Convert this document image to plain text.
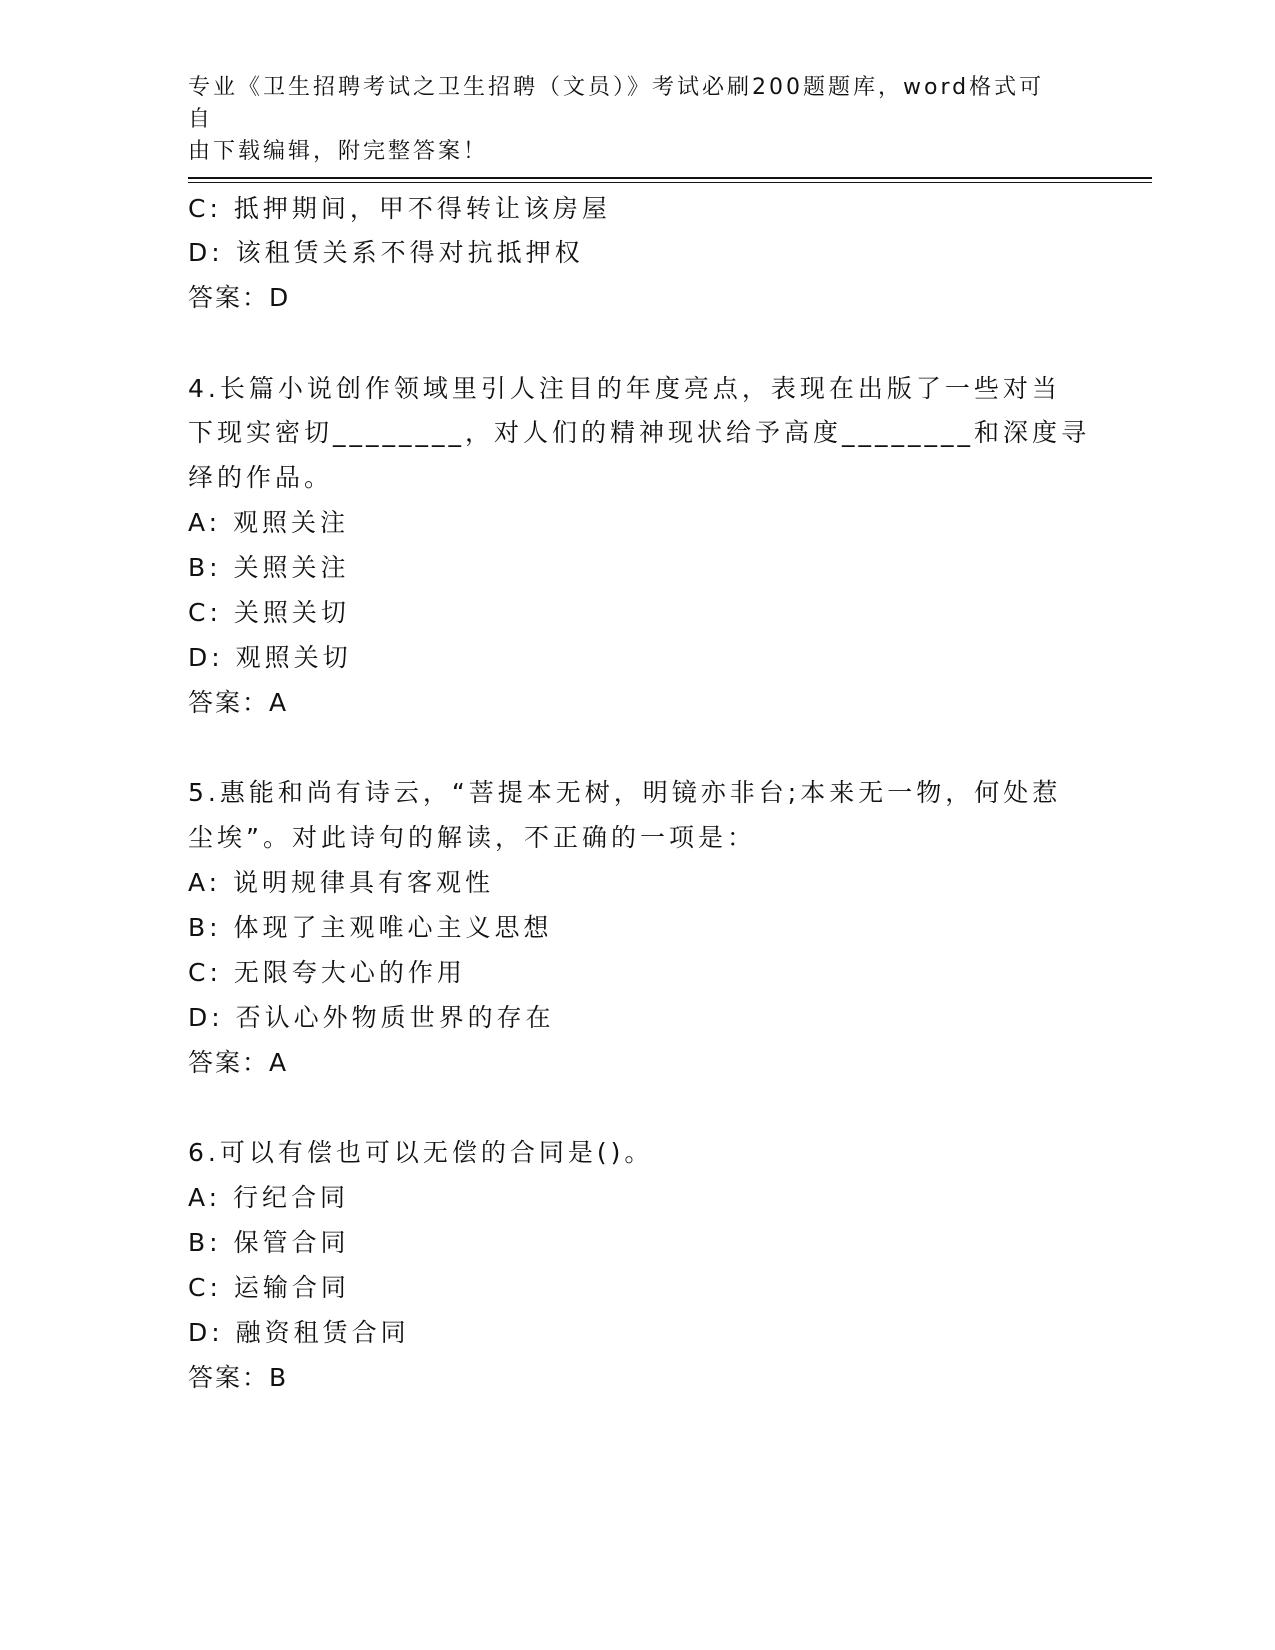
专业《卫生招聘考试之卫生招聘（文员）》考试必刷200题题库，word格式可自
由下载编辑，附完整答案！
C: 抵押期间，甲不得转让该房屋
D: 该租赁关系不得对抗抵押权
答案：D
4.长篇小说创作领域里引人注目的年度亮点，表现在出版了一些对当
下现实密切________，对人们的精神现状给予高度________和深度寻
绎的作品。
A: 观照关注
B: 关照关注
C: 关照关切
D: 观照关切
答案：A
5.惠能和尚有诗云，“菩提本无树，明镜亦非台;本来无一物，何处惹
尘埃”。对此诗句的解读，不正确的一项是：
A: 说明规律具有客观性
B: 体现了主观唯心主义思想
C: 无限夸大心的作用
D: 否认心外物质世界的存在
答案：A
6.可以有偿也可以无偿的合同是()。
A: 行纪合同
B: 保管合同
C: 运输合同
D: 融资租赁合同
答案：B
